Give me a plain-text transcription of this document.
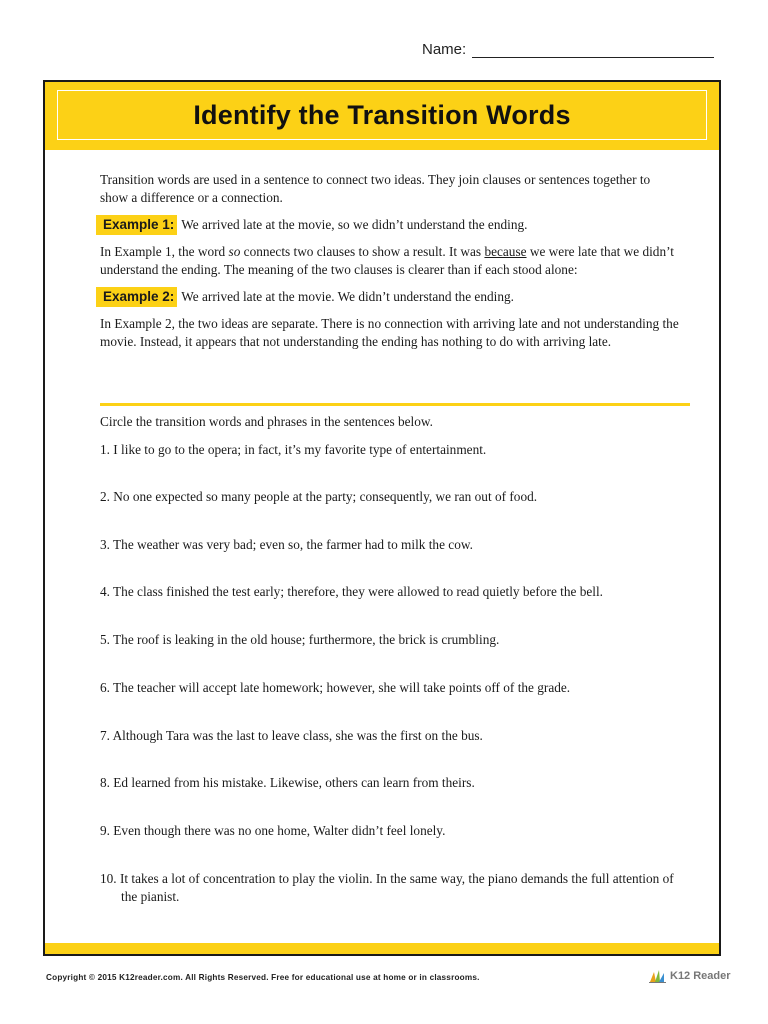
Name:
Identify the Transition Words

Transition words are used in a sentence to connect two ideas. They join clauses or sentences together to show a difference or a connection.

Example 1: We arrived late at the movie, so we didn’t understand the ending.

In Example 1, the word so connects two clauses to show a result. It was because we were late that we didn’t understand the ending. The meaning of the two clauses is clearer than if each stood alone:

Example 2: We arrived late at the movie. We didn’t understand the ending.

In Example 2, the two ideas are separate. There is no connection with arriving late and not understanding the movie. Instead, it appears that not understanding the ending has nothing to do with arriving late.

Circle the transition words and phrases in the sentences below.

1. I like to go to the opera; in fact, it’s my favorite type of entertainment.

2. No one expected so many people at the party; consequently, we ran out of food.

3. The weather was very bad; even so, the farmer had to milk the cow.

4. The class finished the test early; therefore, they were allowed to read quietly before the bell.

5. The roof is leaking in the old house; furthermore, the brick is crumbling.

6. The teacher will accept late homework; however, she will take points off of the grade.

7. Although Tara was the last to leave class, she was the first on the bus.

8. Ed learned from his mistake. Likewise, others can learn from theirs.

9. Even though there was no one home, Walter didn’t feel lonely.

10. It takes a lot of concentration to play the violin. In the same way, the piano demands the full attention of the pianist.

Copyright © 2015 K12reader.com. All Rights Reserved. Free for educational use at home or in classrooms.	K12 Reader
